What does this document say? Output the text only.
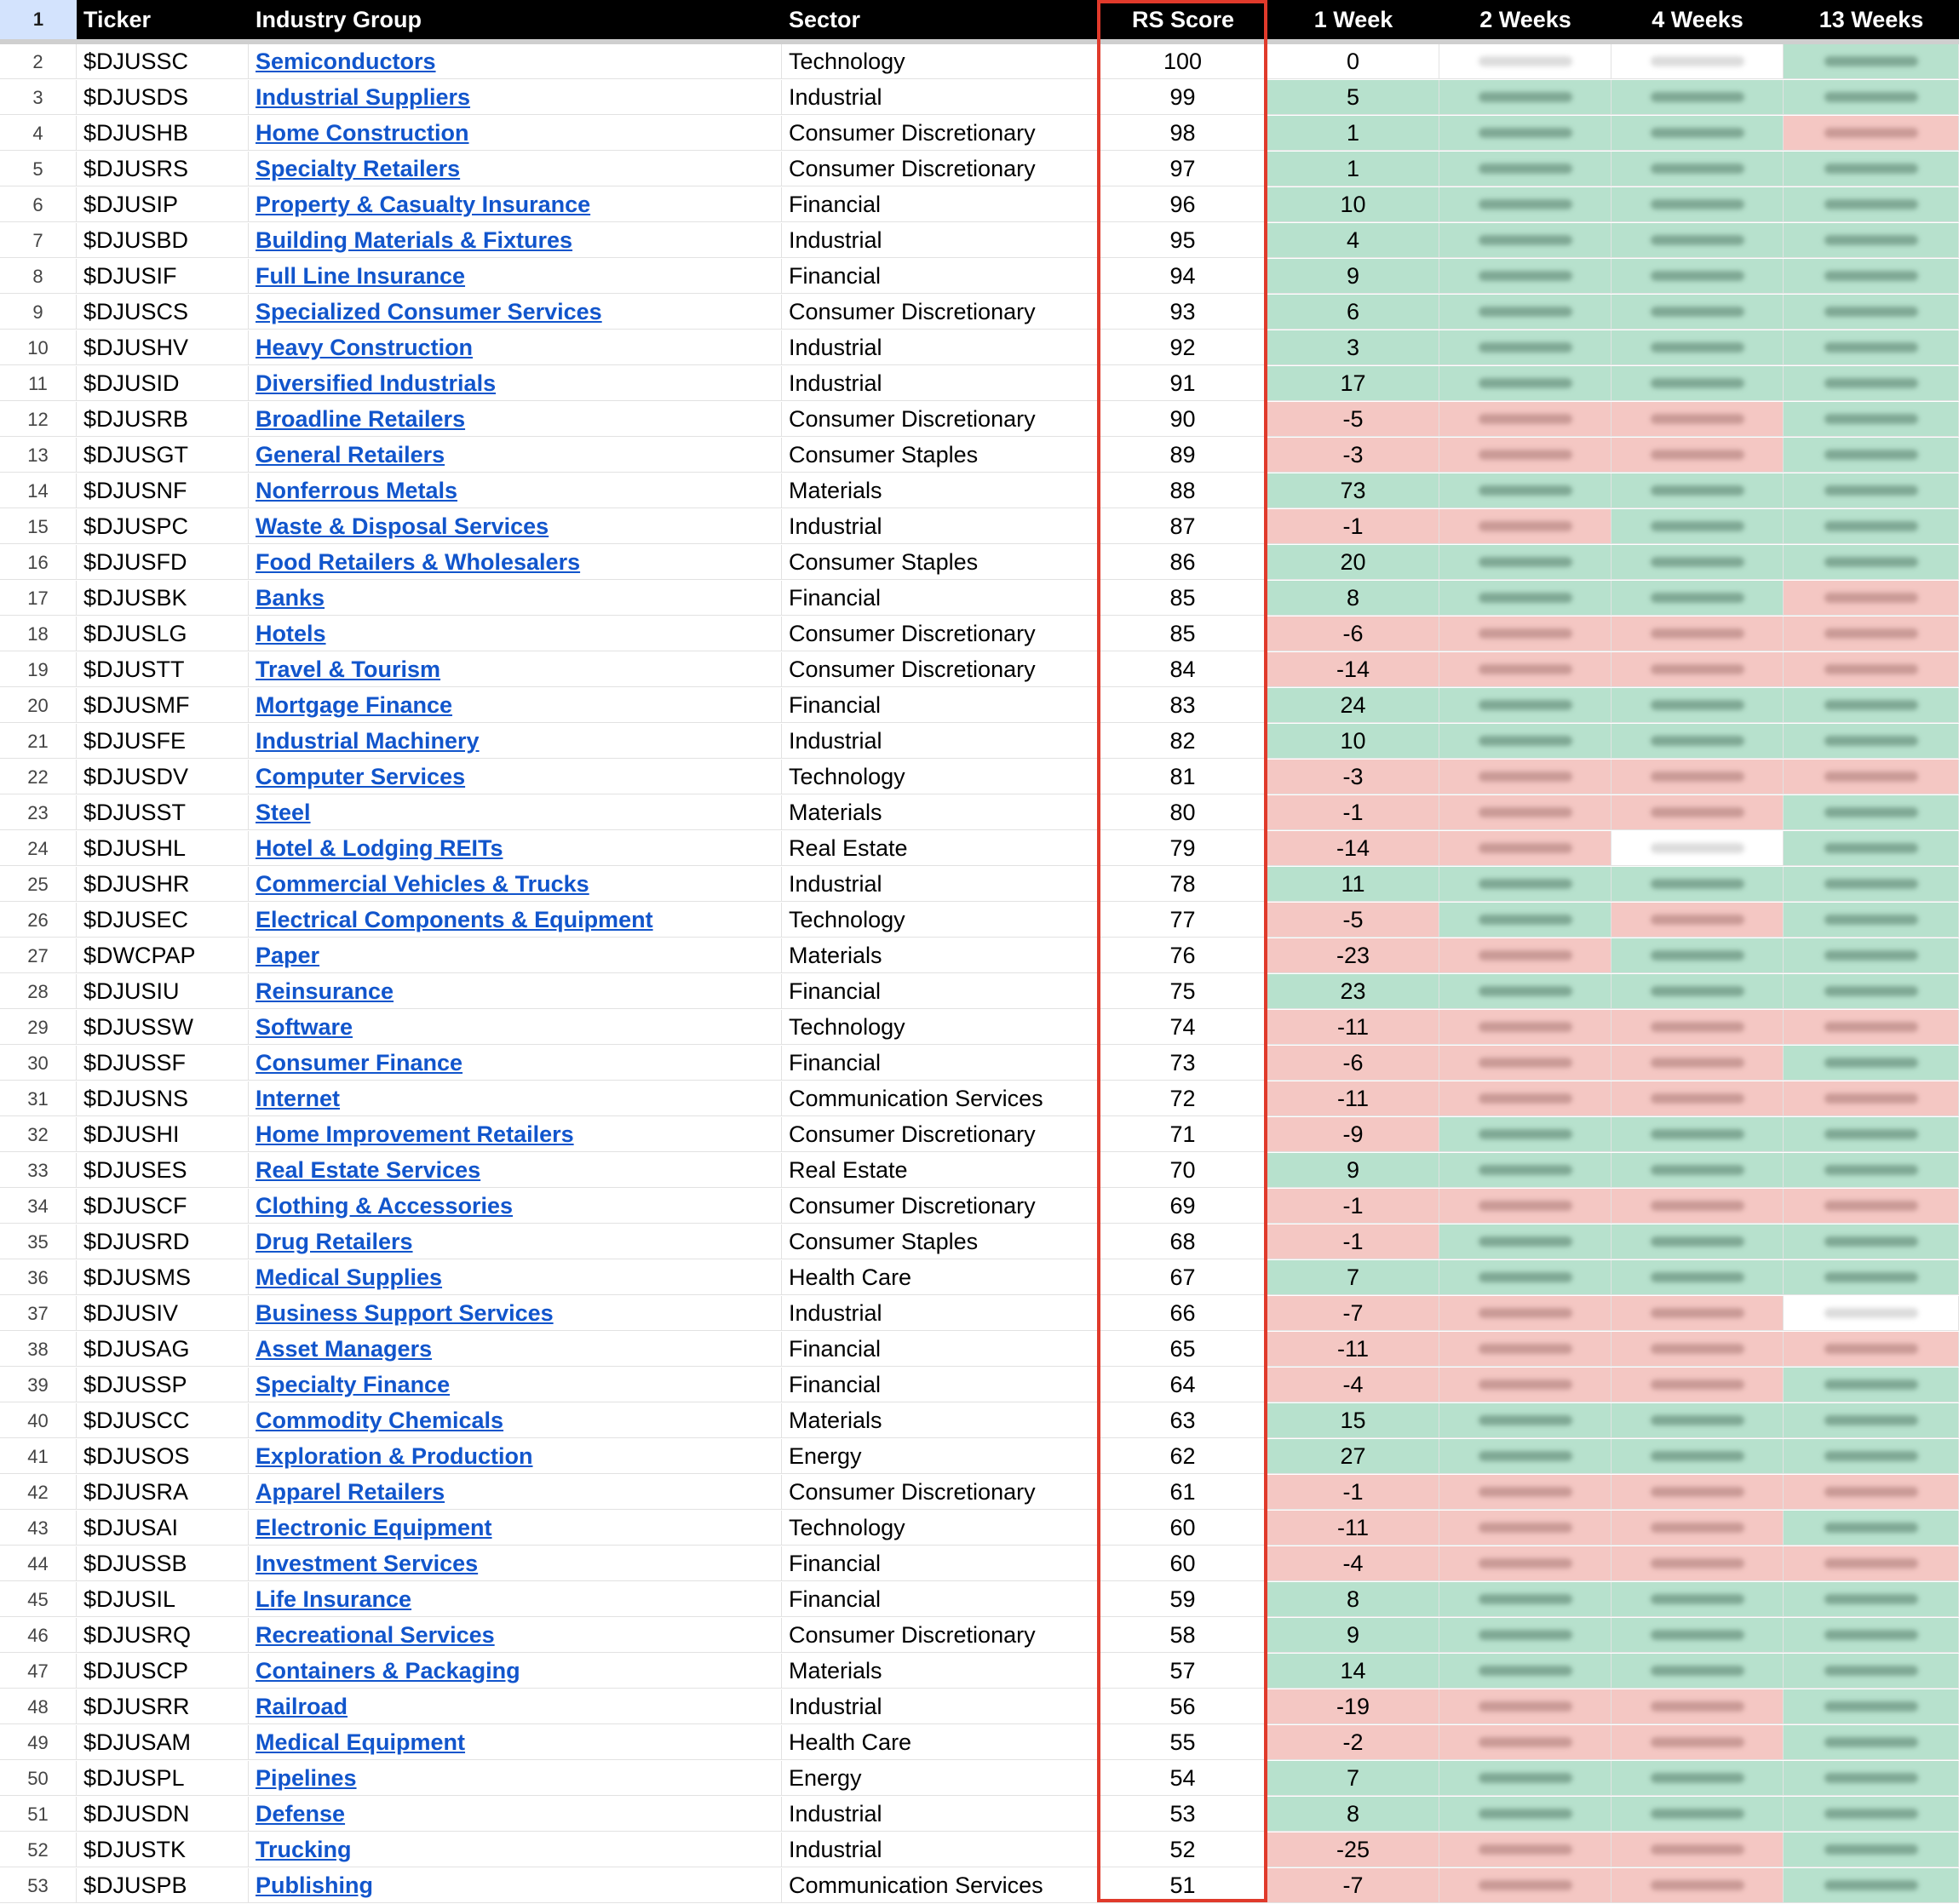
1	Ticker	Industry Group	Sector	RS Score	1 Week	2 Weeks	4 Weeks	13 Weeks
2	$DJUSSC	Semiconductors	Technology	100	0
3	$DJUSDS	Industrial Suppliers	Industrial	99	5
4	$DJUSHB	Home Construction	Consumer Discretionary	98	1
5	$DJUSRS	Specialty Retailers	Consumer Discretionary	97	1
6	$DJUSIP	Property & Casualty Insurance	Financial	96	10
7	$DJUSBD	Building Materials & Fixtures	Industrial	95	4
8	$DJUSIF	Full Line Insurance	Financial	94	9
9	$DJUSCS	Specialized Consumer Services	Consumer Discretionary	93	6
10	$DJUSHV	Heavy Construction	Industrial	92	3
11	$DJUSID	Diversified Industrials	Industrial	91	17
12	$DJUSRB	Broadline Retailers	Consumer Discretionary	90	-5
13	$DJUSGT	General Retailers	Consumer Staples	89	-3
14	$DJUSNF	Nonferrous Metals	Materials	88	73
15	$DJUSPC	Waste & Disposal Services	Industrial	87	-1
16	$DJUSFD	Food Retailers & Wholesalers	Consumer Staples	86	20
17	$DJUSBK	Banks	Financial	85	8
18	$DJUSLG	Hotels	Consumer Discretionary	85	-6
19	$DJUSTT	Travel & Tourism	Consumer Discretionary	84	-14
20	$DJUSMF	Mortgage Finance	Financial	83	24
21	$DJUSFE	Industrial Machinery	Industrial	82	10
22	$DJUSDV	Computer Services	Technology	81	-3
23	$DJUSST	Steel	Materials	80	-1
24	$DJUSHL	Hotel & Lodging REITs	Real Estate	79	-14
25	$DJUSHR	Commercial Vehicles & Trucks	Industrial	78	11
26	$DJUSEC	Electrical Components & Equipment	Technology	77	-5
27	$DWCPAP	Paper	Materials	76	-23
28	$DJUSIU	Reinsurance	Financial	75	23
29	$DJUSSW	Software	Technology	74	-11
30	$DJUSSF	Consumer Finance	Financial	73	-6
31	$DJUSNS	Internet	Communication Services	72	-11
32	$DJUSHI	Home Improvement Retailers	Consumer Discretionary	71	-9
33	$DJUSES	Real Estate Services	Real Estate	70	9
34	$DJUSCF	Clothing & Accessories	Consumer Discretionary	69	-1
35	$DJUSRD	Drug Retailers	Consumer Staples	68	-1
36	$DJUSMS	Medical Supplies	Health Care	67	7
37	$DJUSIV	Business Support Services	Industrial	66	-7
38	$DJUSAG	Asset Managers	Financial	65	-11
39	$DJUSSP	Specialty Finance	Financial	64	-4
40	$DJUSCC	Commodity Chemicals	Materials	63	15
41	$DJUSOS	Exploration & Production	Energy	62	27
42	$DJUSRA	Apparel Retailers	Consumer Discretionary	61	-1
43	$DJUSAI	Electronic Equipment	Technology	60	-11
44	$DJUSSB	Investment Services	Financial	60	-4
45	$DJUSIL	Life Insurance	Financial	59	8
46	$DJUSRQ	Recreational Services	Consumer Discretionary	58	9
47	$DJUSCP	Containers & Packaging	Materials	57	14
48	$DJUSRR	Railroad	Industrial	56	-19
49	$DJUSAM	Medical Equipment	Health Care	55	-2
50	$DJUSPL	Pipelines	Energy	54	7
51	$DJUSDN	Defense	Industrial	53	8
52	$DJUSTK	Trucking	Industrial	52	-25
53	$DJUSPB	Publishing	Communication Services	51	-7
